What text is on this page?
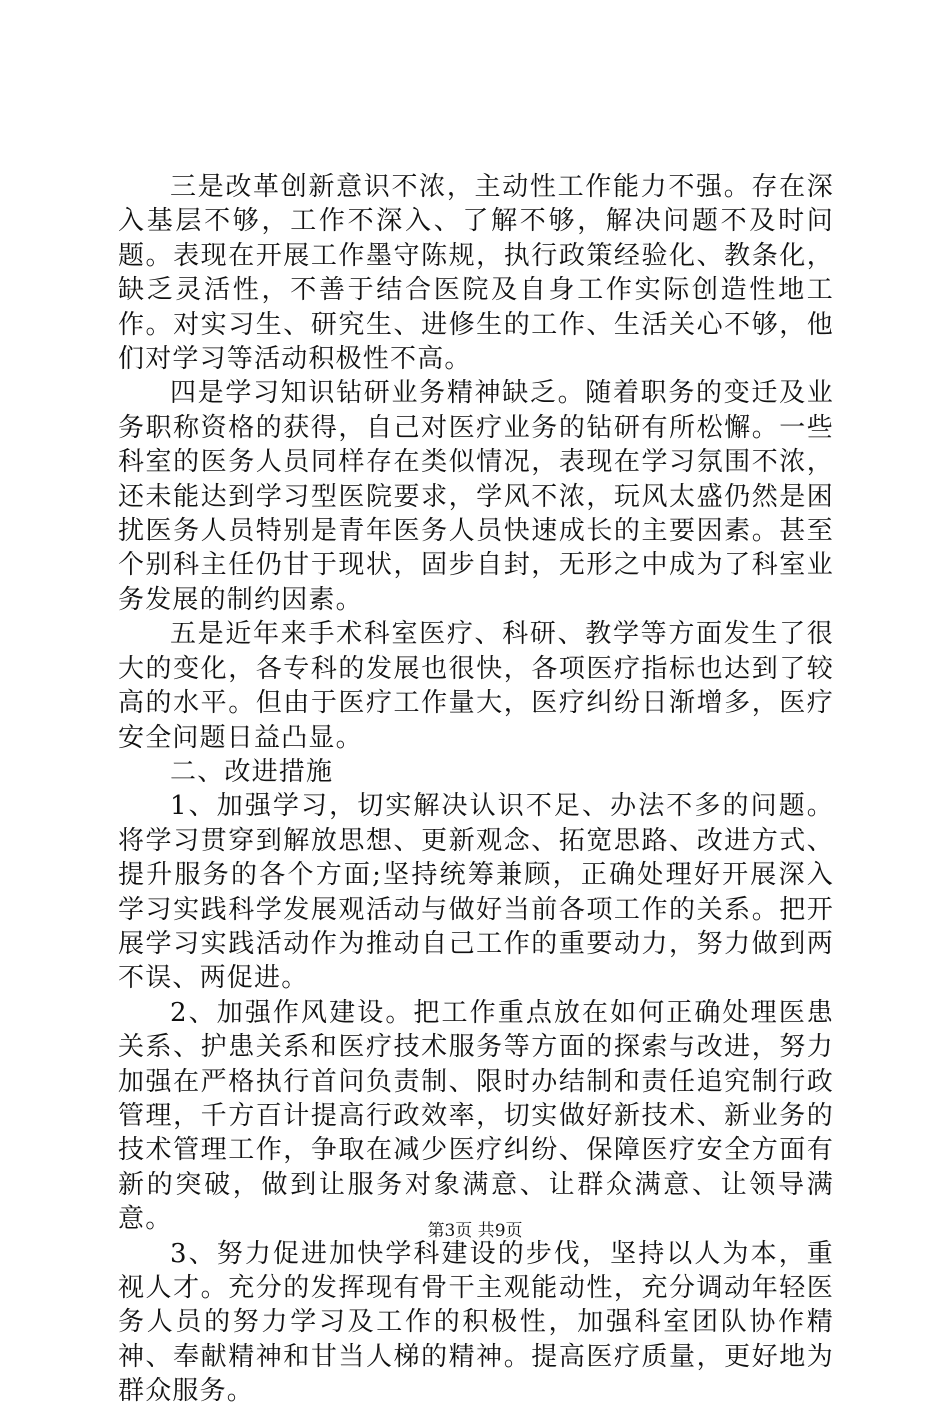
三是改革创新意识不浓，主动性工作能力不强。存在深入基层不够，工作不深入、了解不够，解决问题不及时问题。表现在开展工作墨守陈规，执行政策经验化、教条化，缺乏灵活性，不善于结合医院及自身工作实际创造性地工作。对实习生、研究生、进修生的工作、生活关心不够，他们对学习等活动积极性不高。

四是学习知识钻研业务精神缺乏。随着职务的变迁及业务职称资格的获得，自己对医疗业务的钻研有所松懈。一些科室的医务人员同样存在类似情况，表现在学习氛围不浓，还未能达到学习型医院要求，学风不浓，玩风太盛仍然是困扰医务人员特别是青年医务人员快速成长的主要因素。甚至个别科主任仍甘于现状，固步自封，无形之中成为了科室业务发展的制约因素。

五是近年来手术科室医疗、科研、教学等方面发生了很大的变化，各专科的发展也很快，各项医疗指标也达到了较高的水平。但由于医疗工作量大，医疗纠纷日渐增多，医疗安全问题日益凸显。

二、改进措施

1、加强学习，切实解决认识不足、办法不多的问题。将学习贯穿到解放思想、更新观念、拓宽思路、改进方式、提升服务的各个方面;坚持统筹兼顾，正确处理好开展深入学习实践科学发展观活动与做好当前各项工作的关系。把开展学习实践活动作为推动自己工作的重要动力，努力做到两不误、两促进。

2、加强作风建设。把工作重点放在如何正确处理医患关系、护患关系和医疗技术服务等方面的探索与改进，努力加强在严格执行首问负责制、限时办结制和责任追究制行政管理，千方百计提高行政效率，切实做好新技术、新业务的技术管理工作，争取在减少医疗纠纷、保障医疗安全方面有新的突破，做到让服务对象满意、让群众满意、让领导满意。

3、努力促进加快学科建设的步伐，坚持以人为本，重视人才。充分的发挥现有骨干主观能动性，充分调动年轻医务人员的努力学习及工作的积极性，加强科室团队协作精神、奉献精神和甘当人梯的精神。提高医疗质量，更好地为群众服务。

第3页 共9页
